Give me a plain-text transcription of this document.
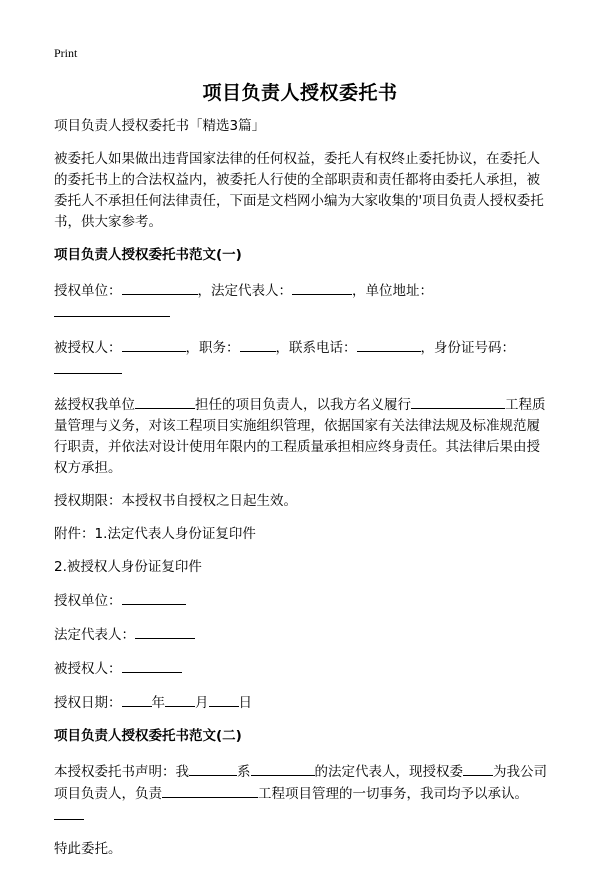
Print
项目负责人授权委托书

项目负责人授权委托书「精选3篇」

被委托人如果做出违背国家法律的任何权益，委托人有权终止委托协议，在委托人的委托书上的合法权益内，被委托人行使的全部职责和责任都将由委托人承担，被委托人不承担任何法律责任，下面是文档网小编为大家收集的'项目负责人授权委托书，供大家参考。

项目负责人授权委托书范文(一)

授权单位：	，法定代表人：	，单位地址：

被授权人：	，职务：	，联系电话：	，身份证号码：

兹授权我单位	担任的项目负责人，以我方名义履行	工程质量管理与义务，对该工程项目实施组织管理，依据国家有关法律法规及标准规范履行职责，并依法对设计使用年限内的工程质量承担相应终身责任。其法律后果由授权方承担。

授权期限：本授权书自授权之日起生效。

附件：1.法定代表人身份证复印件

2.被授权人身份证复印件

授权单位：

法定代表人：

被授权人：

授权日期： 年 月 日

项目负责人授权委托书范文(二)

本授权委托书声明：我	系	的法定代表人，现授权委 为我公司项目负责人，负责	工程项目管理的一切事务，我司均予以承认。

特此委托。
